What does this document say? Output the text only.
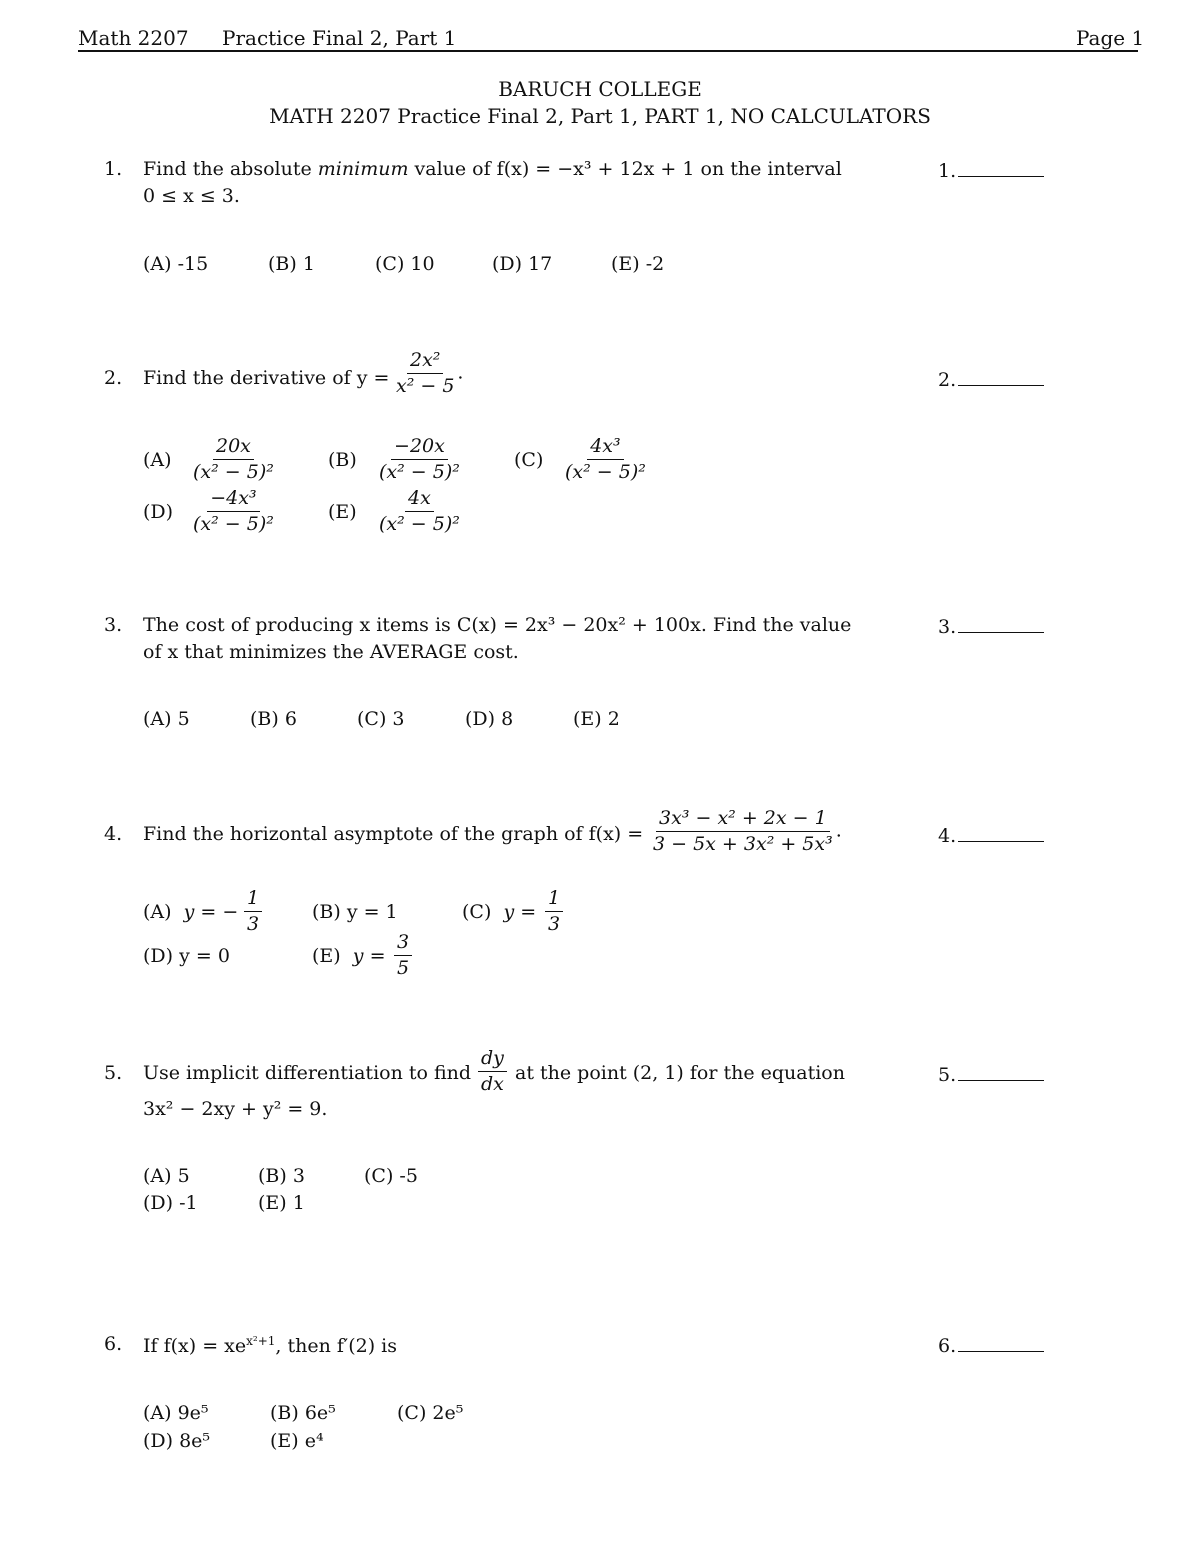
Math 2207 Practice Final 2, Part 1	Page 1
BARUCH COLLEGE
MATH 2207 Practice Final 2, Part 1, PART 1, NO CALCULATORS
1. Find the absolute minimum value of f(x) = −x³ + 12x + 1 on the interval
0 ≤ x ≤ 3.
1.
(A) -15	(B) 1	(C) 10	(D) 17	(E) -2
2. Find the derivative of $y = \frac{\text{2x²}}{\text{x² − 5}}$ .	2.
$(A) \frac{20x}{\text{(x² − 5)²}}$	$(B) \frac{-20x}{\text{(x² − 5)²}}$	$(C) \frac{\text{4x³}}{\text{(x² − 5)²}}$
$(D) \frac{\text{−4x³}}{\text{(x² − 5)²}}$	$(E) \frac{4x}{\text{(x² − 5)²}}$
3. The cost of producing x items is C(x) = 2x³ − 20x² + 100x. Find the value
of x that minimizes the AVERAGE cost.
3.
(A) 5	(B) 6	(C) 3	(D) 8	(E) 2
4. Find the horizontal asymptote of the graph of $f(x) = \frac{\text{3x³ − x² + 2x − 1}}{\text{3 − 5x + 3x² + 5x³}}$ .	4.
(A) y = − $\frac{1}{3}$	(B) y = 1	(C) $y = \frac{1}{3}$
(D) y = 0	(E) $y = \frac{3}{5}$
5. Use implicit differentiation to find $\frac{dy}{dx}$ at the point (2, 1) for the equation
3x² − 2xy + y² = 9.
5.
(A) 5	(B) 3	(C) -5
(D) -1	(E) 1
6. If $f(x) = xe^{x^2+1}$, then f′(2) is	6.
(A) 9e⁵	(B) 6e⁵	(C) 2e⁵
(D) 8e⁵	(E) e⁴
